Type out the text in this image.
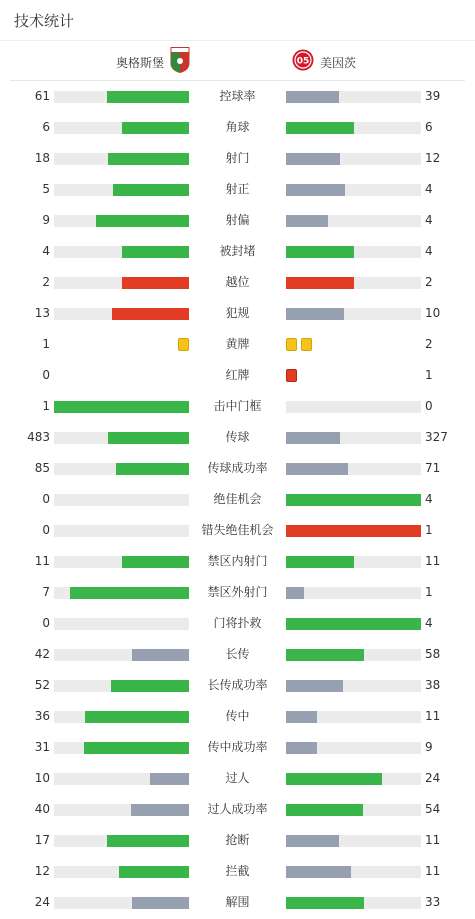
技术统计
奥格斯堡	05 美因茨
61	控球率	39
6	角球	6
18	射门	12
5	射正	4
9	射偏	4
4	被封堵	4
2	越位	2
13	犯规	10
1	黄牌	2
0	红牌	1
1	击中门框	0
483	传球	327
85	传球成功率	71
0	绝佳机会	4
0	错失绝佳机会	1
11	禁区内射门	11
7	禁区外射门	1
0	门将扑救	4
42	长传	58
52	长传成功率	38
36	传中	11
31	传中成功率	9
10	过人	24
40	过人成功率	54
17	抢断	11
12	拦截	11
24	解围	33
